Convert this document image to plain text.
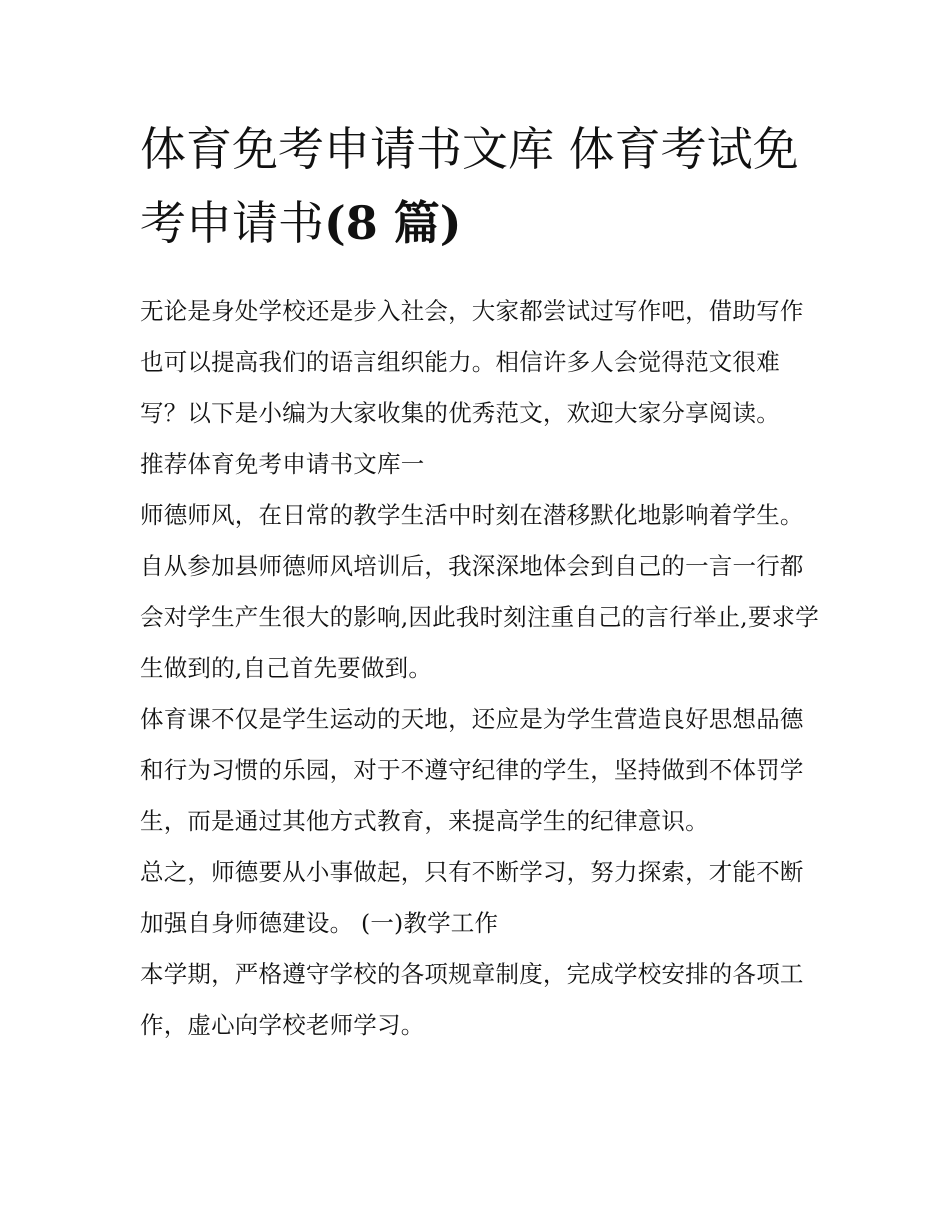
体育免考申请书文库 体育考试免考申请书(8 篇)

无论是身处学校还是步入社会，大家都尝试过写作吧，借助写作也可以提高我们的语言组织能力。相信许多人会觉得范文很难写？以下是小编为大家收集的优秀范文，欢迎大家分享阅读。

推荐体育免考申请书文库一

师德师风，在日常的教学生活中时刻在潜移默化地影响着学生。自从参加县师德师风培训后，我深深地体会到自己的一言一行都会对学生产生很大的影响,因此我时刻注重自己的言行举止,要求学生做到的,自己首先要做到。

体育课不仅是学生运动的天地，还应是为学生营造良好思想品德和行为习惯的乐园，对于不遵守纪律的学生，坚持做到不体罚学生，而是通过其他方式教育，来提高学生的纪律意识。

总之，师德要从小事做起，只有不断学习，努力探索，才能不断加强自身师德建设。 (一)教学工作

本学期，严格遵守学校的各项规章制度，完成学校安排的各项工作，虚心向学校老师学习。
